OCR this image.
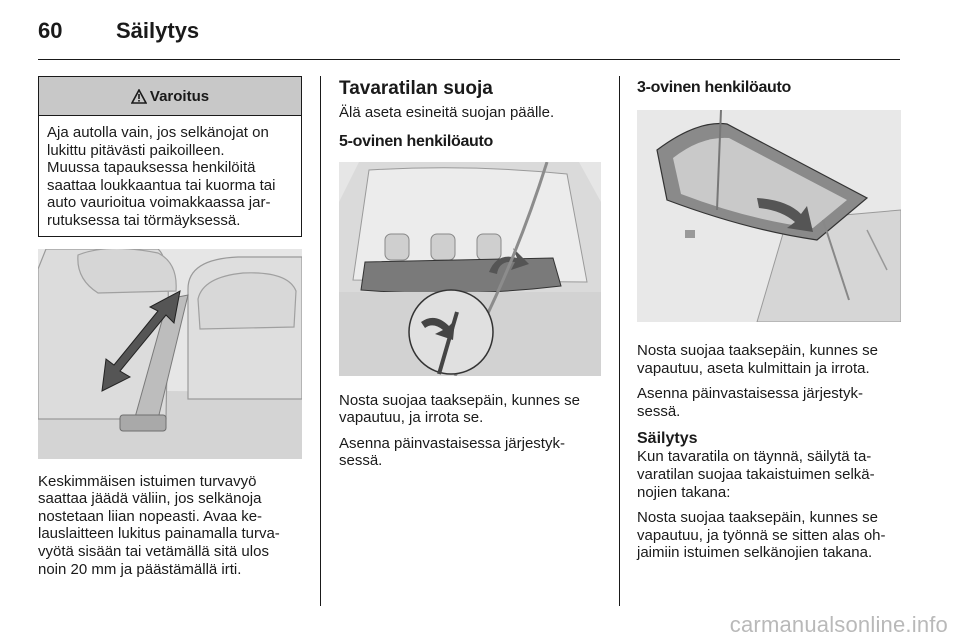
60	Säilytys
Varoitus
Aja autolla vain, jos selkänojat on
lukittu pitävästi paikoilleen.
Muussa tapauksessa henkilöitä
saattaa loukkaantua tai kuorma tai
auto vaurioitua voimakkaassa jar-
rutuksessa tai törmäyksessä.

Keskimmäisen istuimen turvavyö

saattaa jäädä väliin, jos selkänoja

nostetaan liian nopeasti. Avaa ke-

lauslaitteen lukitus painamalla turva-

vyötä sisään tai vetämällä sitä ulos

noin 20 mm ja päästämällä irti.

Tavaratilan suoja

Älä aseta esineitä suojan päälle.

5-ovinen henkilöauto

Nosta suojaa taaksepäin, kunnes se

vapautuu, ja irrota se.

Asenna päinvastaisessa järjestyk-

sessä.

3-ovinen henkilöauto

Nosta suojaa taaksepäin, kunnes se

vapautuu, aseta kulmittain ja irrota.

Asenna päinvastaisessa järjestyk-

sessä.

Säilytys

Kun tavaratila on täynnä, säilytä ta-

varatilan suojaa takaistuimen selkä-

nojien takana:

Nosta suojaa taaksepäin, kunnes se

vapautuu, ja työnnä se sitten alas oh-

jaimiin istuimen selkänojien takana.

carmanualsonline.info
